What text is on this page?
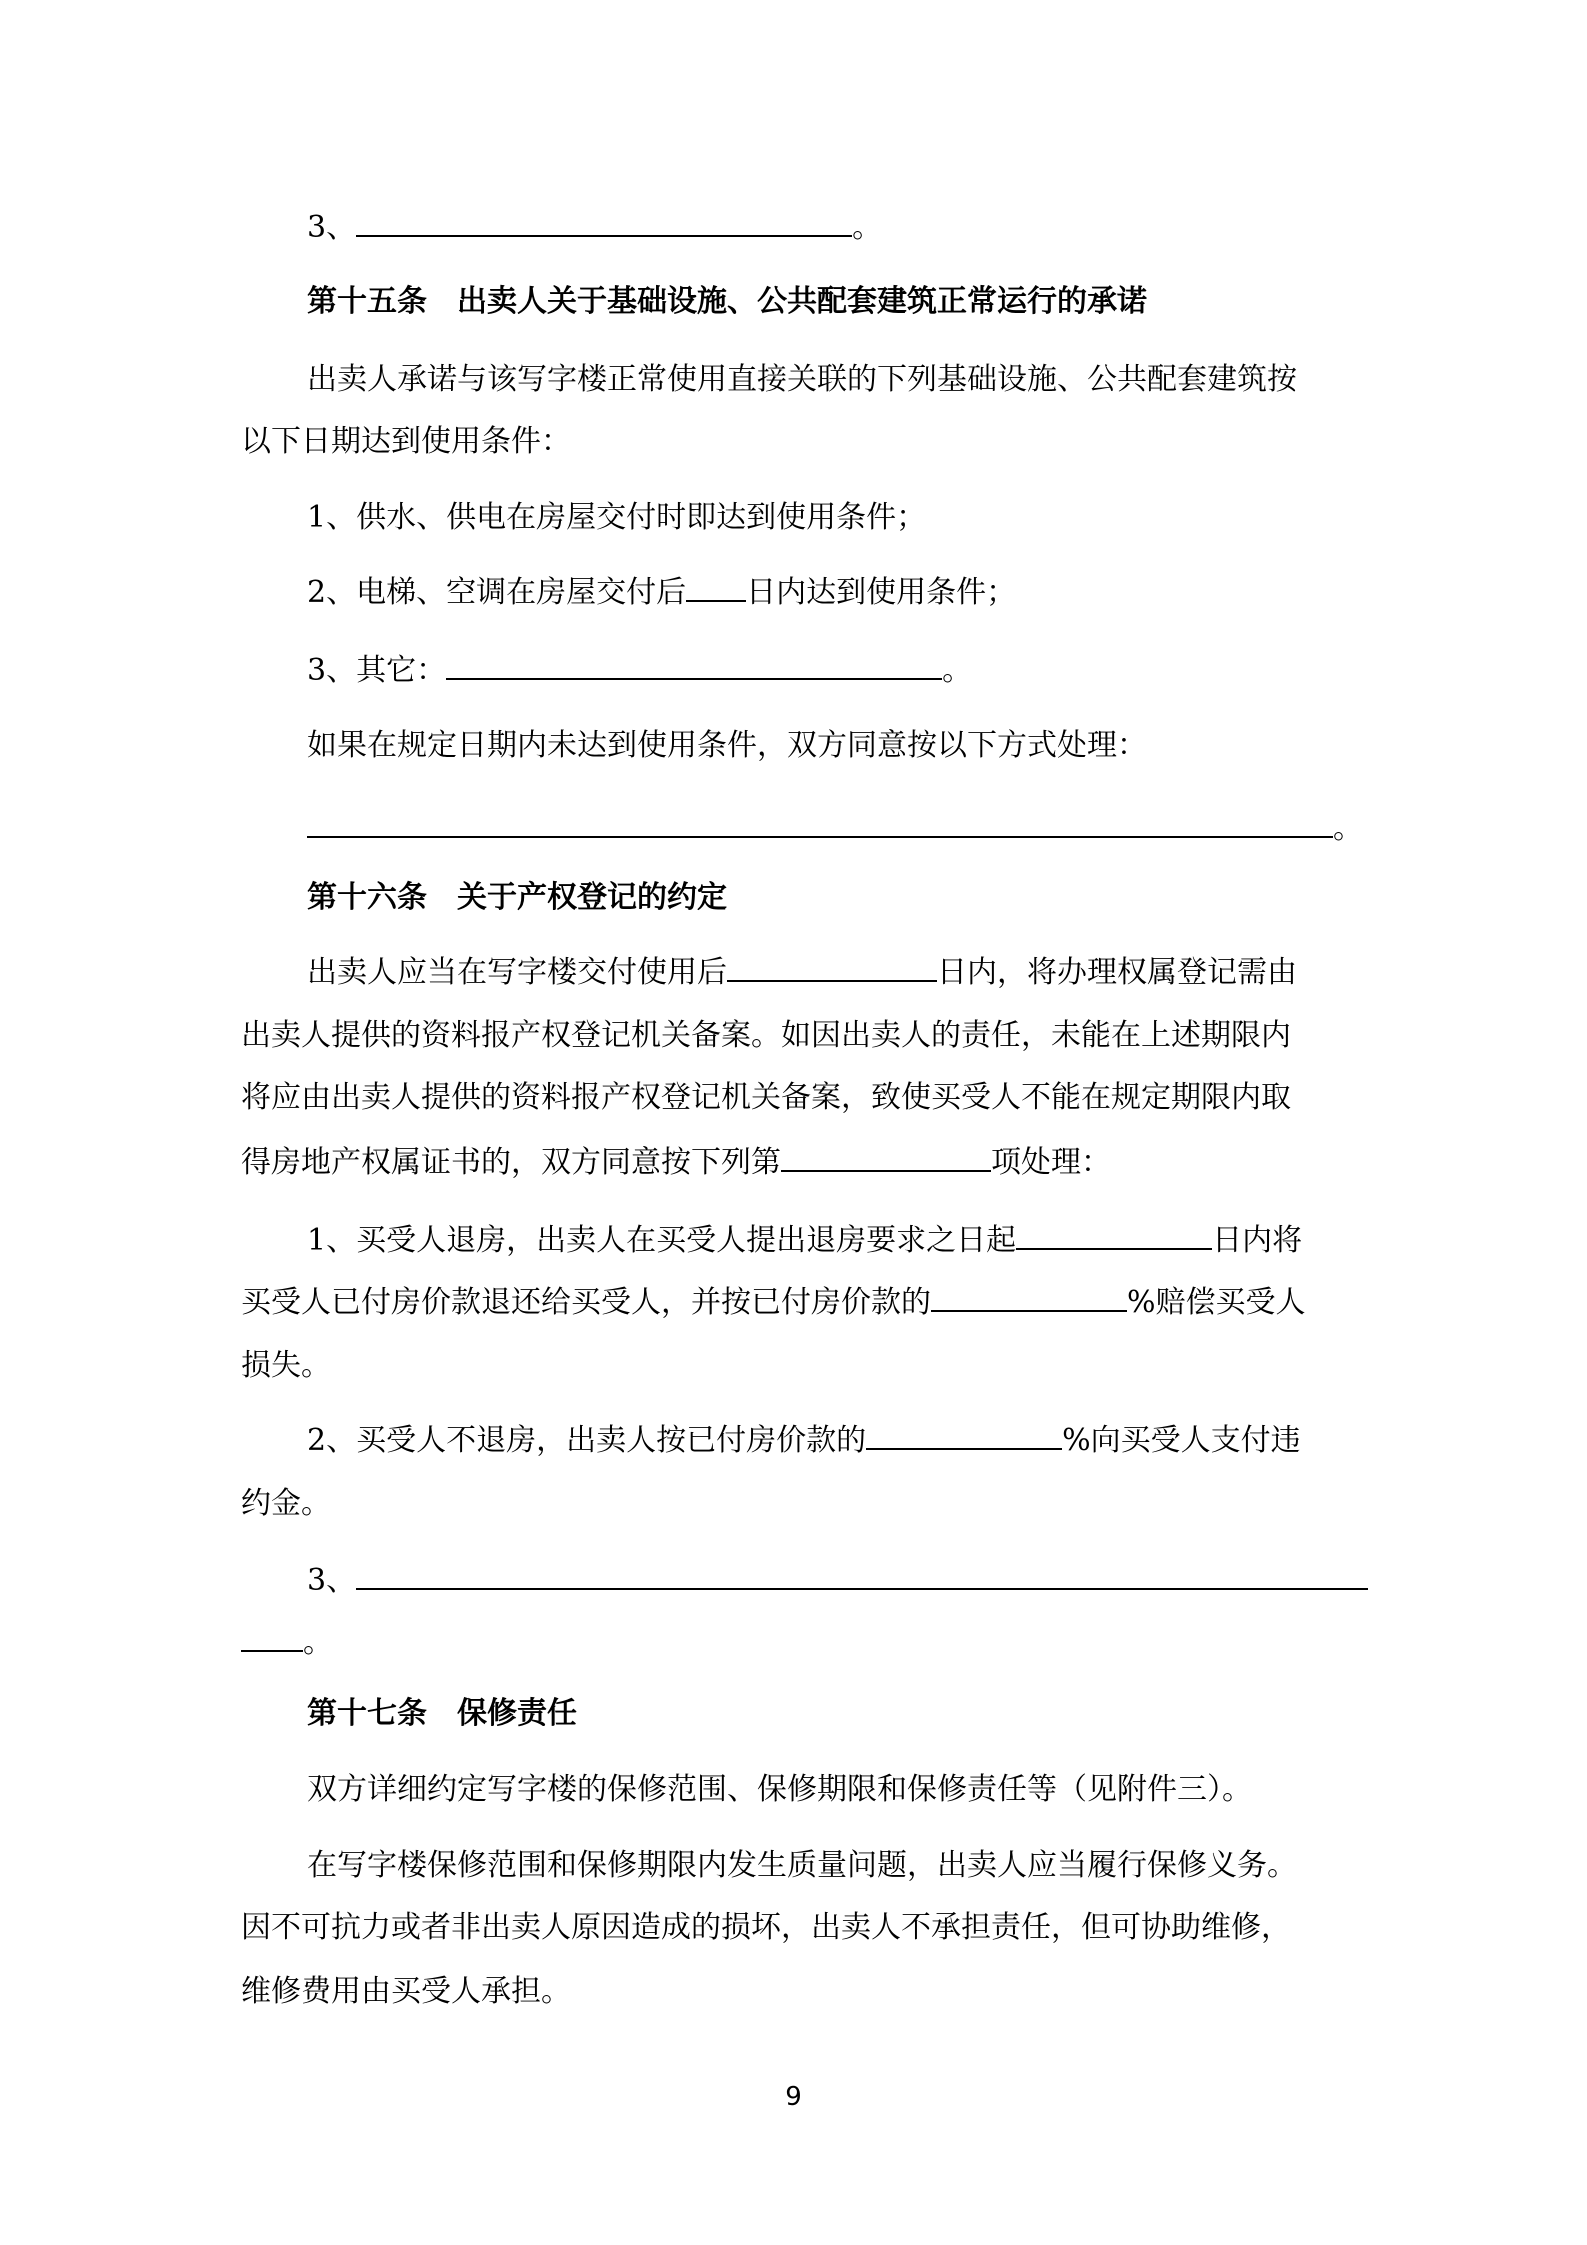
3、	。
第十五条　出卖人关于基础设施、公共配套建筑正常运行的承诺
出卖人承诺与该写字楼正常使用直接关联的下列基础设施、公共配套建筑按
以下日期达到使用条件：
1、供水、供电在房屋交付时即达到使用条件；
2、电梯、空调在房屋交付后 日内达到使用条件；
3、其它：	。
如果在规定日期内未达到使用条件，双方同意按以下方式处理：
。
第十六条　关于产权登记的约定
出卖人应当在写字楼交付使用后	日内，将办理权属登记需由
出卖人提供的资料报产权登记机关备案。如因出卖人的责任，未能在上述期限内
将应由出卖人提供的资料报产权登记机关备案，致使买受人不能在规定期限内取
得房地产权属证书的，双方同意按下列第	项处理：
1、买受人退房，出卖人在买受人提出退房要求之日起	日内将
买受人已付房价款退还给买受人，并按已付房价款的	%赔偿买受人
损失。
2、买受人不退房，出卖人按已付房价款的	%向买受人支付违
约金。
3、
。
第十七条　保修责任
双方详细约定写字楼的保修范围、保修期限和保修责任等（见附件三）。
在写字楼保修范围和保修期限内发生质量问题，出卖人应当履行保修义务。
因不可抗力或者非出卖人原因造成的损坏，出卖人不承担责任，但可协助维修，
维修费用由买受人承担。
9
